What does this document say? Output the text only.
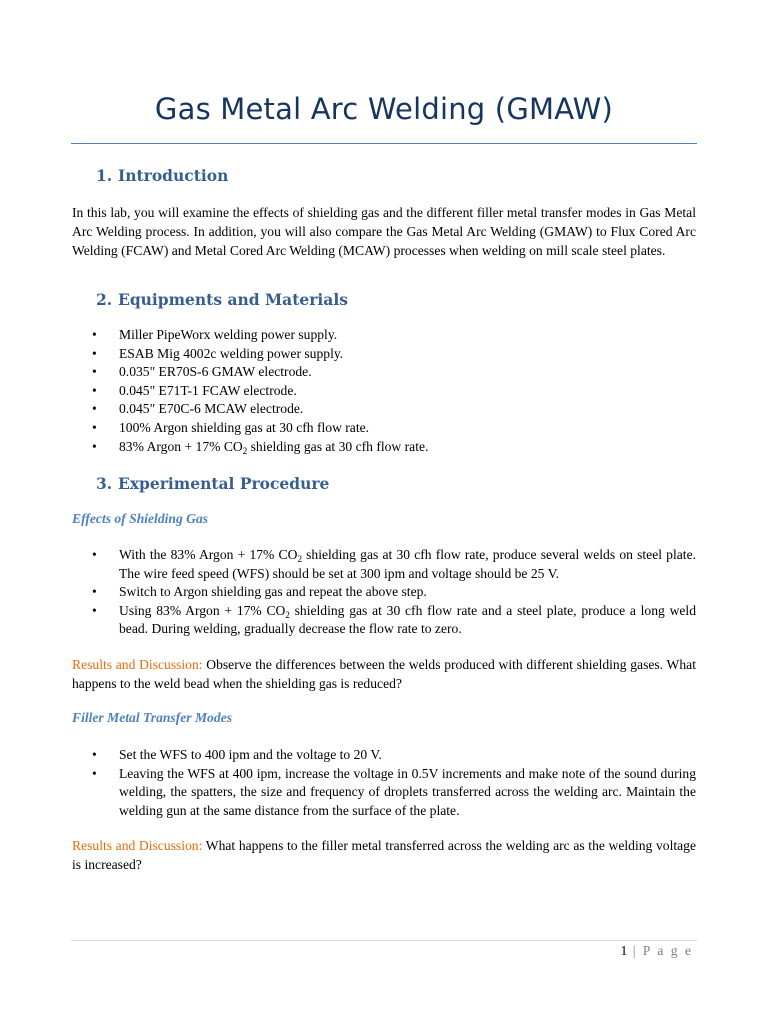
Gas Metal Arc Welding (GMAW)
1. Introduction
In this lab, you will examine the effects of shielding gas and the different filler metal transfer modes in Gas Metal Arc Welding process. In addition, you will also compare the Gas Metal Arc Welding (GMAW) to Flux Cored Arc Welding (FCAW) and Metal Cored Arc Welding (MCAW) processes when welding on mill scale steel plates.
2. Equipments and Materials
• Miller PipeWorx welding power supply.
• ESAB Mig 4002c welding power supply.
• 0.035" ER70S-6 GMAW electrode.
• 0.045" E71T-1 FCAW electrode.
• 0.045" E70C-6 MCAW electrode.
• 100% Argon shielding gas at 30 cfh flow rate.
• 83% Argon + 17% $CO_2$ shielding gas at 30 cfh flow rate.
3. Experimental Procedure
Effects of Shielding Gas
• With the 83% Argon + 17% $CO_2$ shielding gas at 30 cfh flow rate, produce several welds on steel plate. The wire feed speed (WFS) should be set at 300 ipm and voltage should be 25 V.
• Switch to Argon shielding gas and repeat the above step.
• Using 83% Argon + 17% $CO_2$ shielding gas at 30 cfh flow rate and a steel plate, produce a long weld bead. During welding, gradually decrease the flow rate to zero.
Results and Discussion: Observe the differences between the welds produced with different shielding gases. What happens to the weld bead when the shielding gas is reduced?
Filler Metal Transfer Modes
• Set the WFS to 400 ipm and the voltage to 20 V.
• Leaving the WFS at 400 ipm, increase the voltage in 0.5V increments and make note of the sound during welding, the spatters, the size and frequency of droplets transferred across the welding arc. Maintain the welding gun at the same distance from the surface of the plate.
Results and Discussion: What happens to the filler metal transferred across the welding arc as the welding voltage is increased?
1 | P a g e
